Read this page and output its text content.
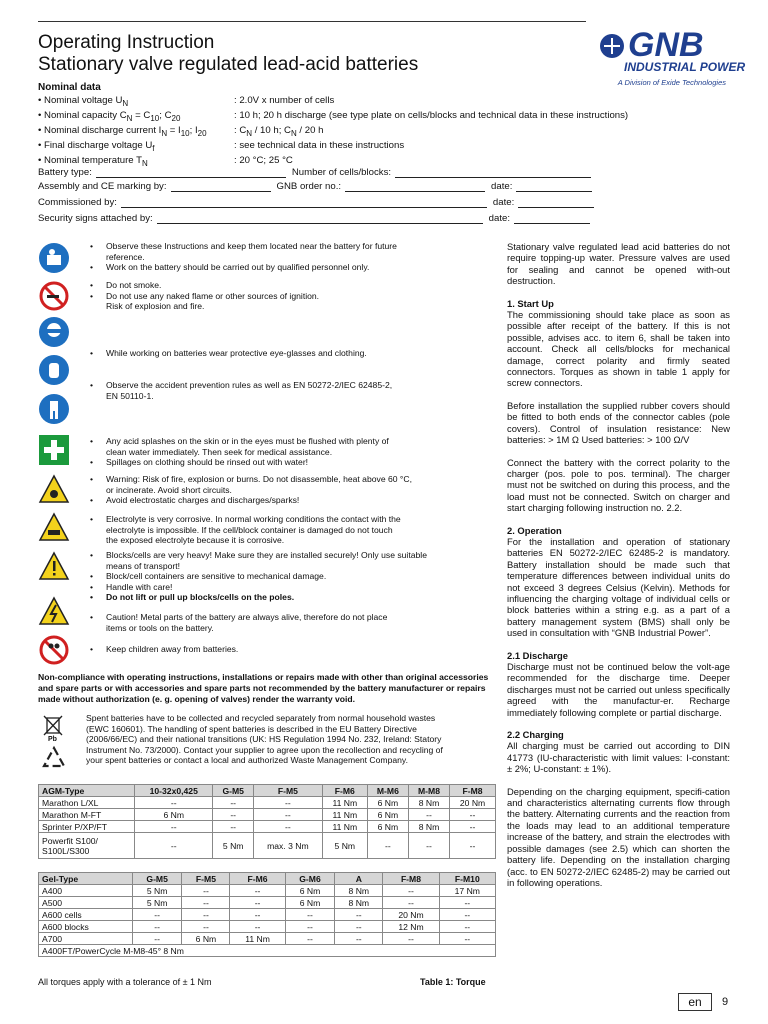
Operating Instruction
Stationary valve regulated lead-acid batteries
GNB
INDUSTRIAL POWER
A Division of Exide Technologies
Nominal data
• Nominal voltage $U_N$	: 2.0V x number of cells
• Nominal capacity $C_N = C_{10}$; $C_{20}$	: 10 h; 20 h discharge (see type plate on cells/blocks and technical data in these instructions)
• Nominal discharge current $I_N = I_{10}$; $I_{20}$	: $C_N / 10$ h; $C_N / 20$ h
• Final discharge voltage $U_f$	: see technical data in these instructions
• Nominal temperature $T_N$	: 20 °C; 25 °C
Battery type:	Number of cells/blocks:
Assembly and CE marking by:	GNB order no.:	date:
Commissioned by:	date:
Security signs attached by:	date:

• Observe these Instructions and keep them located near the battery for future

reference.

• Work on the battery should be carried out by qualified personnel only.

• Do not smoke.

• Do not use any naked flame or other sources of ignition.

Risk of explosion and fire.

• While working on batteries wear protective eye-glasses and clothing.

• Observe the accident prevention rules as well as EN 50272-2/IEC 62485-2,

EN 50110-1.

• Any acid splashes on the skin or in the eyes must be flushed with plenty of

clean water immediately. Then seek for medical assistance.

• Spillages on clothing should be rinsed out with water!

• Warning: Risk of fire, explosion or burns. Do not disassemble, heat above 60 °C,

or incinerate. Avoid short circuits.

• Avoid electrostatic charges and discharges/sparks!

• Electrolyte is very corrosive. In normal working conditions the contact with the

electrolyte is impossible. If the cell/block container is damaged do not touch

the exposed electrolyte because it is corrosive.

• Blocks/cells are very heavy! Make sure they are installed securely! Only use suitable

means of transport!

• Block/cell containers are sensitive to mechanical damage.

• Handle with care!

• Do not lift or pull up blocks/cells on the poles.

• Caution! Metal parts of the battery are always alive, therefore do not place

items or tools on the battery.

• Keep children away from batteries.

Non-compliance with operating instructions, installations or repairs made with other than original accessories and spare parts or with accessories and spare parts not recommended by the battery manufacturer or repairs made without authorization (e. g. opening of valves) render the warranty void.
Pb
Spent batteries have to be collected and recycled separately from normal household wastes (EWC 160601). The handling of spent batteries is described in the EU Battery Directive (2006/66/EC) and their national transitions (UK: HS Regulation 1994 No. 232, Ireland: Statory Instrument No. 73/2000). Contact your supplier to agree upon the recollection and recycling of your spent batteries or contact a local and authorized Waste Management Company.
AGM-Type	10-32x0,425	G-M5	F-M5	F-M6	M-M6	M-M8	F-M8
Marathon L/XL	--	--	--	11 Nm	6 Nm	8 Nm	20 Nm
Marathon M-FT	6 Nm	--	--	11 Nm	6 Nm	--	--
Sprinter P/XP/FT	--	--	--	11 Nm	6 Nm	8 Nm	--
Powerfit S100/ S100L/S300	--	5 Nm	max. 3 Nm	5 Nm	--	--	--
Gel-Type	G-M5	F-M5	F-M6	G-M6	A	F-M8	F-M10
A400	5 Nm	--	--	6 Nm	8 Nm	--	17 Nm
A500	5 Nm	--	--	6 Nm	8 Nm	--	--
A600 cells	--	--	--	--	--	20 Nm	--
A600 blocks	--	--	--	--	--	12 Nm	--
A700	--	6 Nm	11 Nm	--	--	--	--
A400FT/PowerCycle M-M8-45° 8 Nm							
All torques apply with a tolerance of ± 1 Nm	Table 1: Torque

Stationary valve regulated lead acid batteries do not require topping-up water. Pressure valves are used for sealing and cannot be opened with-out destruction.

1. Start Up

The commissioning should take place as soon as possible after receipt of the battery. If this is not possible, advises acc. to item 6, shall be taken into account. Check all cells/blocks for mechanical damage, correct polarity and firmly seated connectors. Torques as shown in table 1 apply for screw connectors.

Before installation the supplied rubber covers should be fitted to both ends of the connector cables (pole covers). Control of insulation resistance: New batteries: > 1M Ω Used batteries: > 100 Ω/V

Connect the battery with the correct polarity to the charger (pos. pole to pos. terminal). The charger must not be switched on during this process, and the load must not be connected. Switch on charger and start charging following instruction no. 2.2.

2. Operation

For the installation and operation of stationary batteries EN 50272-2/IEC 62485-2 is mandatory. Battery installation should be made such that temperature differences between individual units do not exceed 3 degrees Celsius (Kelvin). Methods for influencing the charging voltage of individual cells or block batteries within a string e.g. as a part of a battery management system (BMS) shall only be used in consultation with “GNB Industrial Power”.

2.1 Discharge

Discharge must not be continued below the volt-age recommended for the discharge time. Deeper discharges must not be carried out unless specifically agreed with the manufactur-er. Recharge immediately following complete or partial discharge.

2.2 Charging

All charging must be carried out according to DIN 41773 (IU-characteristic with limit values: I-constant: ± 2%; U-constant: ± 1%).

Depending on the charging equipment, specifi-cation and characteristics alternating currents flow through the battery. Alternating currents and the reaction from the loads may lead to an additional temperature increase of the battery, and strain the electrodes with possible damages (see 2.5) which can shorten the battery life. Depending on the installation charging (acc. to EN 50272-2/IEC 62485-2) may be carried out in following operations.

en	9
